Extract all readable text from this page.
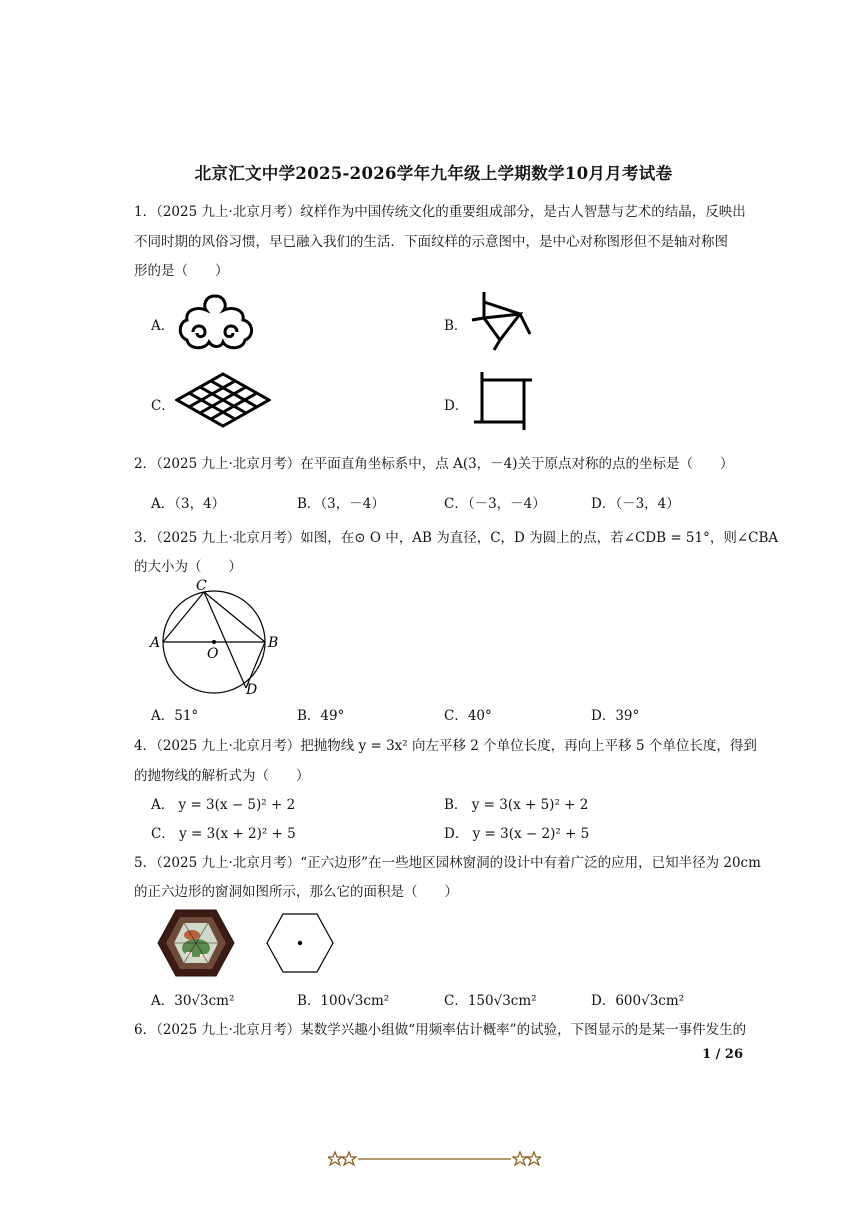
北京汇文中学2025-2026学年九年级上学期数学10月月考试卷
1．（2025 九上·北京月考）纹样作为中国传统文化的重要组成部分，是古人智慧与艺术的结晶，反映出
不同时期的风俗习惯，早已融入我们的生活．下面纹样的示意图中，是中心对称图形但不是轴对称图
形的是（　　）
A．	B．
C．	D．
2．（2025 九上·北京月考）在平面直角坐标系中，点 A(3，－4)关于原点对称的点的坐标是（　　）
A．（3，4）	B．（3，－4）	C．（－3，－4）	D．（－3，4）
3．（2025 九上·北京月考）如图，在⊙ O 中，AB 为直径，C，D 为圆上的点，若∠CDB = 51°，则∠CBA
的大小为（　　）
C
A
O
B
D
A．51°	B．49°	C．40°	D．39°
4．（2025 九上·北京月考）把抛物线 y = 3x² 向左平移 2 个单位长度，再向上平移 5 个单位长度，得到
的抛物线的解析式为（　　）
A． y = 3(x − 5)² + 2	B． y = 3(x + 5)² + 2
C． y = 3(x + 2)² + 5	D． y = 3(x − 2)² + 5
5．（2025 九上·北京月考）“正六边形”在一些地区园林窗洞的设计中有着广泛的应用，已知半径为 20cm
的正六边形的窗洞如图所示，那么它的面积是（　　）
A．30√3cm²	B．100√3cm²	C．150√3cm²	D．600√3cm²
6．（2025 九上·北京月考）某数学兴趣小组做“用频率估计概率”的试验，下图显示的是某一事件发生的
1 / 26
